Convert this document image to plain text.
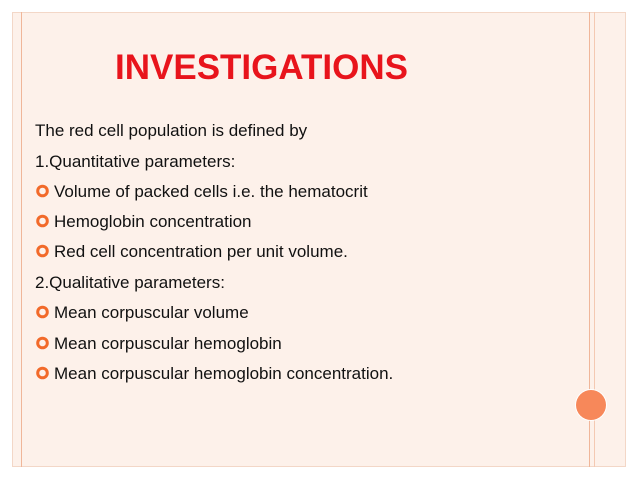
INVESTIGATIONS
The red cell population is defined by
1.Quantitative parameters:
Volume of packed cells i.e. the hematocrit
Hemoglobin concentration
Red cell concentration per unit volume.
2.Qualitative parameters:
Mean corpuscular volume
Mean corpuscular hemoglobin
Mean corpuscular hemoglobin concentration.
